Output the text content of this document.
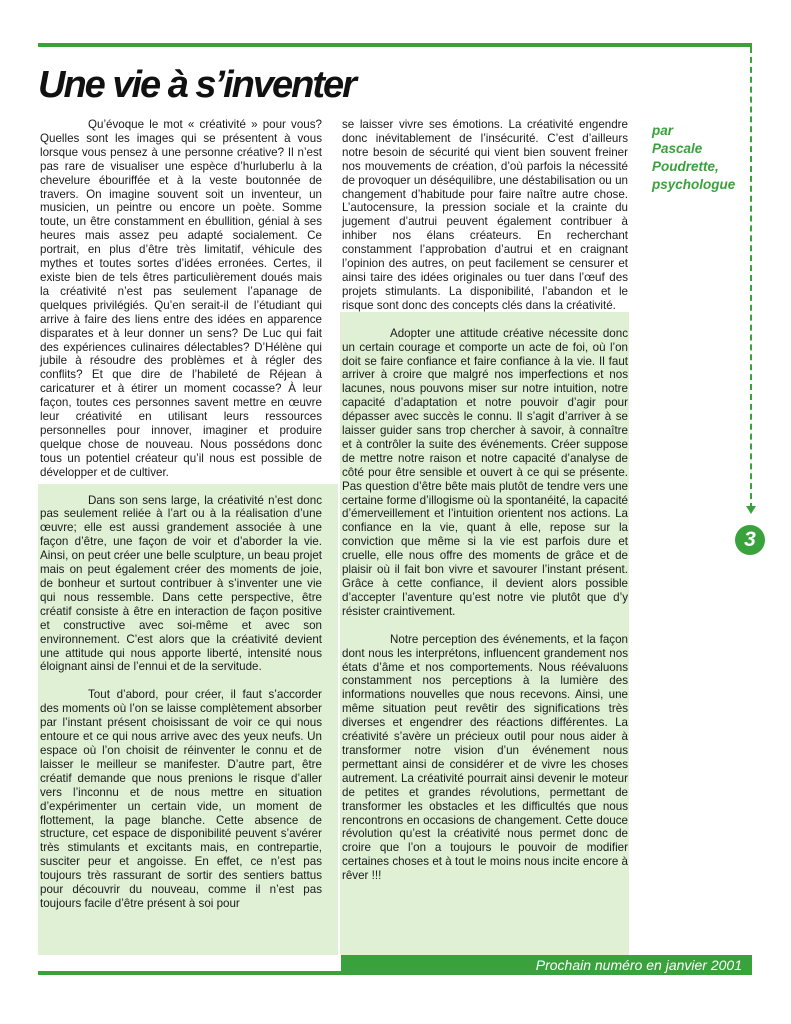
Une vie à s’inventer

Qu’évoque le mot « créativité » pour vous? Quelles sont les images qui se présentent à vous lorsque vous pensez à une personne créative? Il n’est pas rare de visualiser une espèce d’hurluberlu à la chevelure ébouriffée et à la veste boutonnée de travers. On imagine souvent soit un inventeur, un musicien, un peintre ou encore un poète. Somme toute, un être constamment en ébullition, génial à ses heures mais assez peu adapté socialement. Ce portrait, en plus d’être très limitatif, véhicule des mythes et toutes sortes d’idées erronées. Certes, il existe bien de tels êtres particulièrement doués mais la créativité n’est pas seulement l’apanage de quelques privilégiés. Qu’en serait-il de l’étudiant qui arrive à faire des liens entre des idées en apparence disparates et à leur donner un sens? De Luc qui fait des expériences culinaires délectables? D’Hélène qui jubile à résoudre des problèmes et à régler des conflits? Et que dire de l’habileté de Réjean à caricaturer et à étirer un moment cocasse? À leur façon, toutes ces personnes savent mettre en œuvre leur créativité en utilisant leurs ressources personnelles pour innover, imaginer et produire quelque chose de nouveau. Nous possédons donc tous un potentiel créateur qu’il nous est possible de développer et de cultiver.

Dans son sens large, la créativité n’est donc pas seulement reliée à l’art ou à la réalisation d’une œuvre; elle est aussi grandement associée à une façon d’être, une façon de voir et d’aborder la vie. Ainsi, on peut créer une belle sculpture, un beau projet mais on peut également créer des moments de joie, de bonheur et surtout contribuer à s’inventer une vie qui nous ressemble. Dans cette perspective, être créatif consiste à être en interaction de façon positive et constructive avec soi-même et avec son environnement. C’est alors que la créativité devient une attitude qui nous apporte liberté, intensité nous éloignant ainsi de l’ennui et de la servitude.

Tout d’abord, pour créer, il faut s’accorder des moments où l’on se laisse complètement absorber par l’instant présent choisissant de voir ce qui nous entoure et ce qui nous arrive avec des yeux neufs. Un espace où l’on choisit de réinventer le connu et de laisser le meilleur se manifester. D’autre part, être créatif demande que nous prenions le risque d’aller vers l’inconnu et de nous mettre en situation d’expérimenter un certain vide, un moment de flottement, la page blanche. Cette absence de structure, cet espace de disponibilité peuvent s’avérer très stimulants et excitants mais, en contrepartie, susciter peur et angoisse. En effet, ce n’est pas toujours très rassurant de sortir des sentiers battus pour découvrir du nouveau, comme il n’est pas toujours facile d’être présent à soi pour

se laisser vivre ses émotions. La créativité engendre donc inévitablement de l’insécurité. C’est d’ailleurs notre besoin de sécurité qui vient bien souvent freiner nos mouvements de création, d’où parfois la nécessité de provoquer un déséquilibre, une déstabilisation ou un changement d’habitude pour faire naître autre chose. L’autocensure, la pression sociale et la crainte du jugement d’autrui peuvent également contribuer à inhiber nos élans créateurs. En recherchant constamment l’approbation d’autrui et en craignant l’opinion des autres, on peut facilement se censurer et ainsi taire des idées originales ou tuer dans l’œuf des projets stimulants. La disponibilité, l’abandon et le risque sont donc des concepts clés dans la créativité.

Adopter une attitude créative nécessite donc un certain courage et comporte un acte de foi, où l’on doit se faire confiance et faire confiance à la vie. Il faut arriver à croire que malgré nos imperfections et nos lacunes, nous pouvons miser sur notre intuition, notre capacité d’adaptation et notre pouvoir d’agir pour dépasser avec succès le connu. Il s’agit d’arriver à se laisser guider sans trop chercher à savoir, à connaître et à contrôler la suite des événements. Créer suppose de mettre notre raison et notre capacité d’analyse de côté pour être sensible et ouvert à ce qui se présente. Pas question d’être bête mais plutôt de tendre vers une certaine forme d’illogisme où la spontanéité, la capacité d’émerveillement et l’intuition orientent nos actions. La confiance en la vie, quant à elle, repose sur la conviction que même si la vie est parfois dure et cruelle, elle nous offre des moments de grâce et de plaisir où il fait bon vivre et savourer l’instant présent. Grâce à cette confiance, il devient alors possible d’accepter l’aventure qu’est notre vie plutôt que d’y résister craintivement.

Notre perception des événements, et la façon dont nous les interprétons, influencent grandement nos états d’âme et nos comportements. Nous réévaluons constamment nos perceptions à la lumière des informations nouvelles que nous recevons. Ainsi, une même situation peut revêtir des significations très diverses et engendrer des réactions différentes. La créativité s’avère un précieux outil pour nous aider à transformer notre vision d’un événement nous permettant ainsi de considérer et de vivre les choses autrement. La créativité pourrait ainsi devenir le moteur de petites et grandes révolutions, permettant de transformer les obstacles et les difficultés que nous rencontrons en occasions de changement. Cette douce révolution qu’est la créativité nous permet donc de croire que l’on a toujours le pouvoir de modifier certaines choses et à tout le moins nous incite encore à rêver !!!

par
Pascale
Poudrette,
psychologue
3
Prochain numéro en janvier 2001
